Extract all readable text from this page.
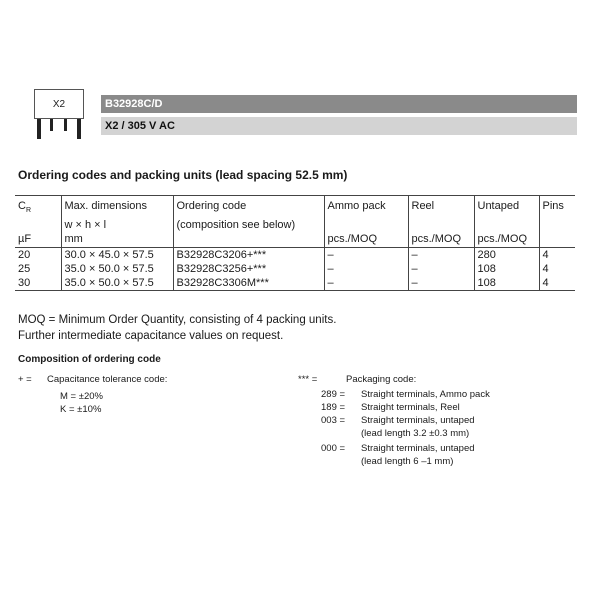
X2	B32928C/D
X2 / 305 V AC
Ordering codes and packing units (lead spacing 52.5 mm)
$C_R$	Max. dimensions	Ordering code	Ammo pack	Reel	Untaped	Pins
	w × h × l	(composition see below)				
µF	mm		pcs./MOQ	pcs./MOQ	pcs./MOQ	
20	30.0 × 45.0 × 57.5	B32928C3206+***	–	–	280	4
25	35.0 × 50.0 × 57.5	B32928C3256+***	–	–	108	4
30	35.0 × 50.0 × 57.5	B32928C3306M***	–	–	108	4
MOQ = Minimum Order Quantity, consisting of 4 packing units.
Further intermediate capacitance values on request.
Composition of ordering code
+ = Capacitance tolerance code:
M = ±20%
K = ±10%
*** =	Packaging code:
289 =	Straight terminals, Ammo pack
189 =	Straight terminals, Reel
003 =	Straight terminals, untaped
(lead length 3.2 ±0.3 mm)
000 =	Straight terminals, untaped
(lead length 6 –1 mm)
